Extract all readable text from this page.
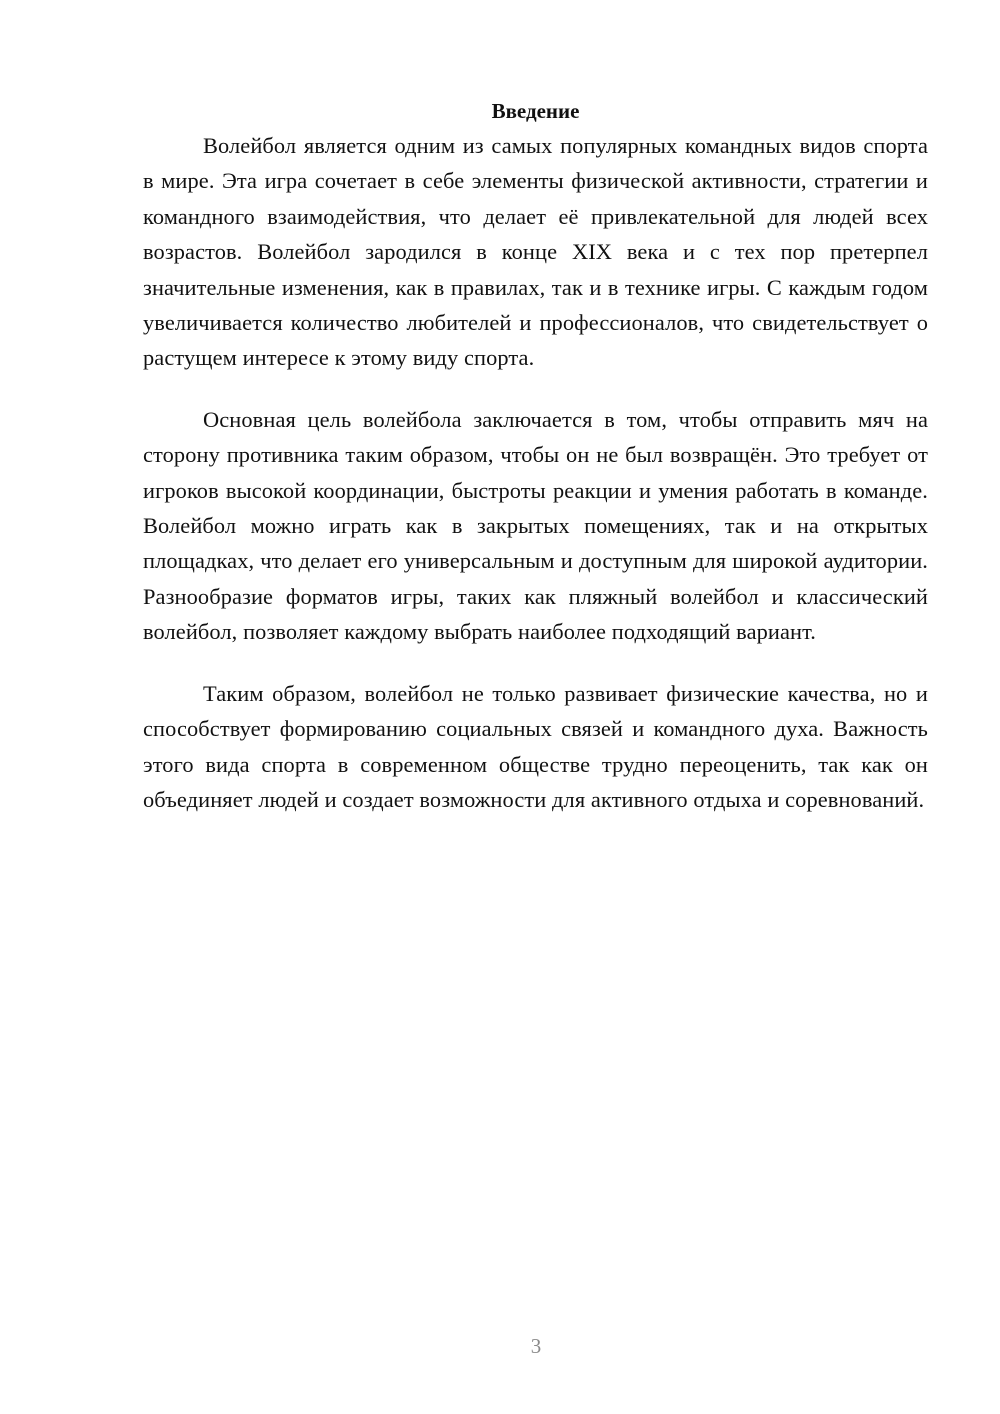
Введение

Волейбол является одним из самых популярных командных видов спорта в мире. Эта игра сочетает в себе элементы физической активности, стратегии и командного взаимодействия, что делает её привлекательной для людей всех возрастов. Волейбол зародился в конце XIX века и с тех пор претерпел значительные изменения, как в правилах, так и в технике игры. С каждым годом увеличивается количество любителей и профессионалов, что свидетельствует о растущем интересе к этому виду спорта.

Основная цель волейбола заключается в том, чтобы отправить мяч на сторону противника таким образом, чтобы он не был возвращён. Это требует от игроков высокой координации, быстроты реакции и умения работать в команде. Волейбол можно играть как в закрытых помещениях, так и на открытых площадках, что делает его универсальным и доступным для широкой аудитории. Разнообразие форматов игры, таких как пляжный волейбол и классический волейбол, позволяет каждому выбрать наиболее подходящий вариант.

Таким образом, волейбол не только развивает физические качества, но и способствует формированию социальных связей и командного духа. Важность этого вида спорта в современном обществе трудно переоценить, так как он объединяет людей и создает возможности для активного отдыха и соревнований.

3
